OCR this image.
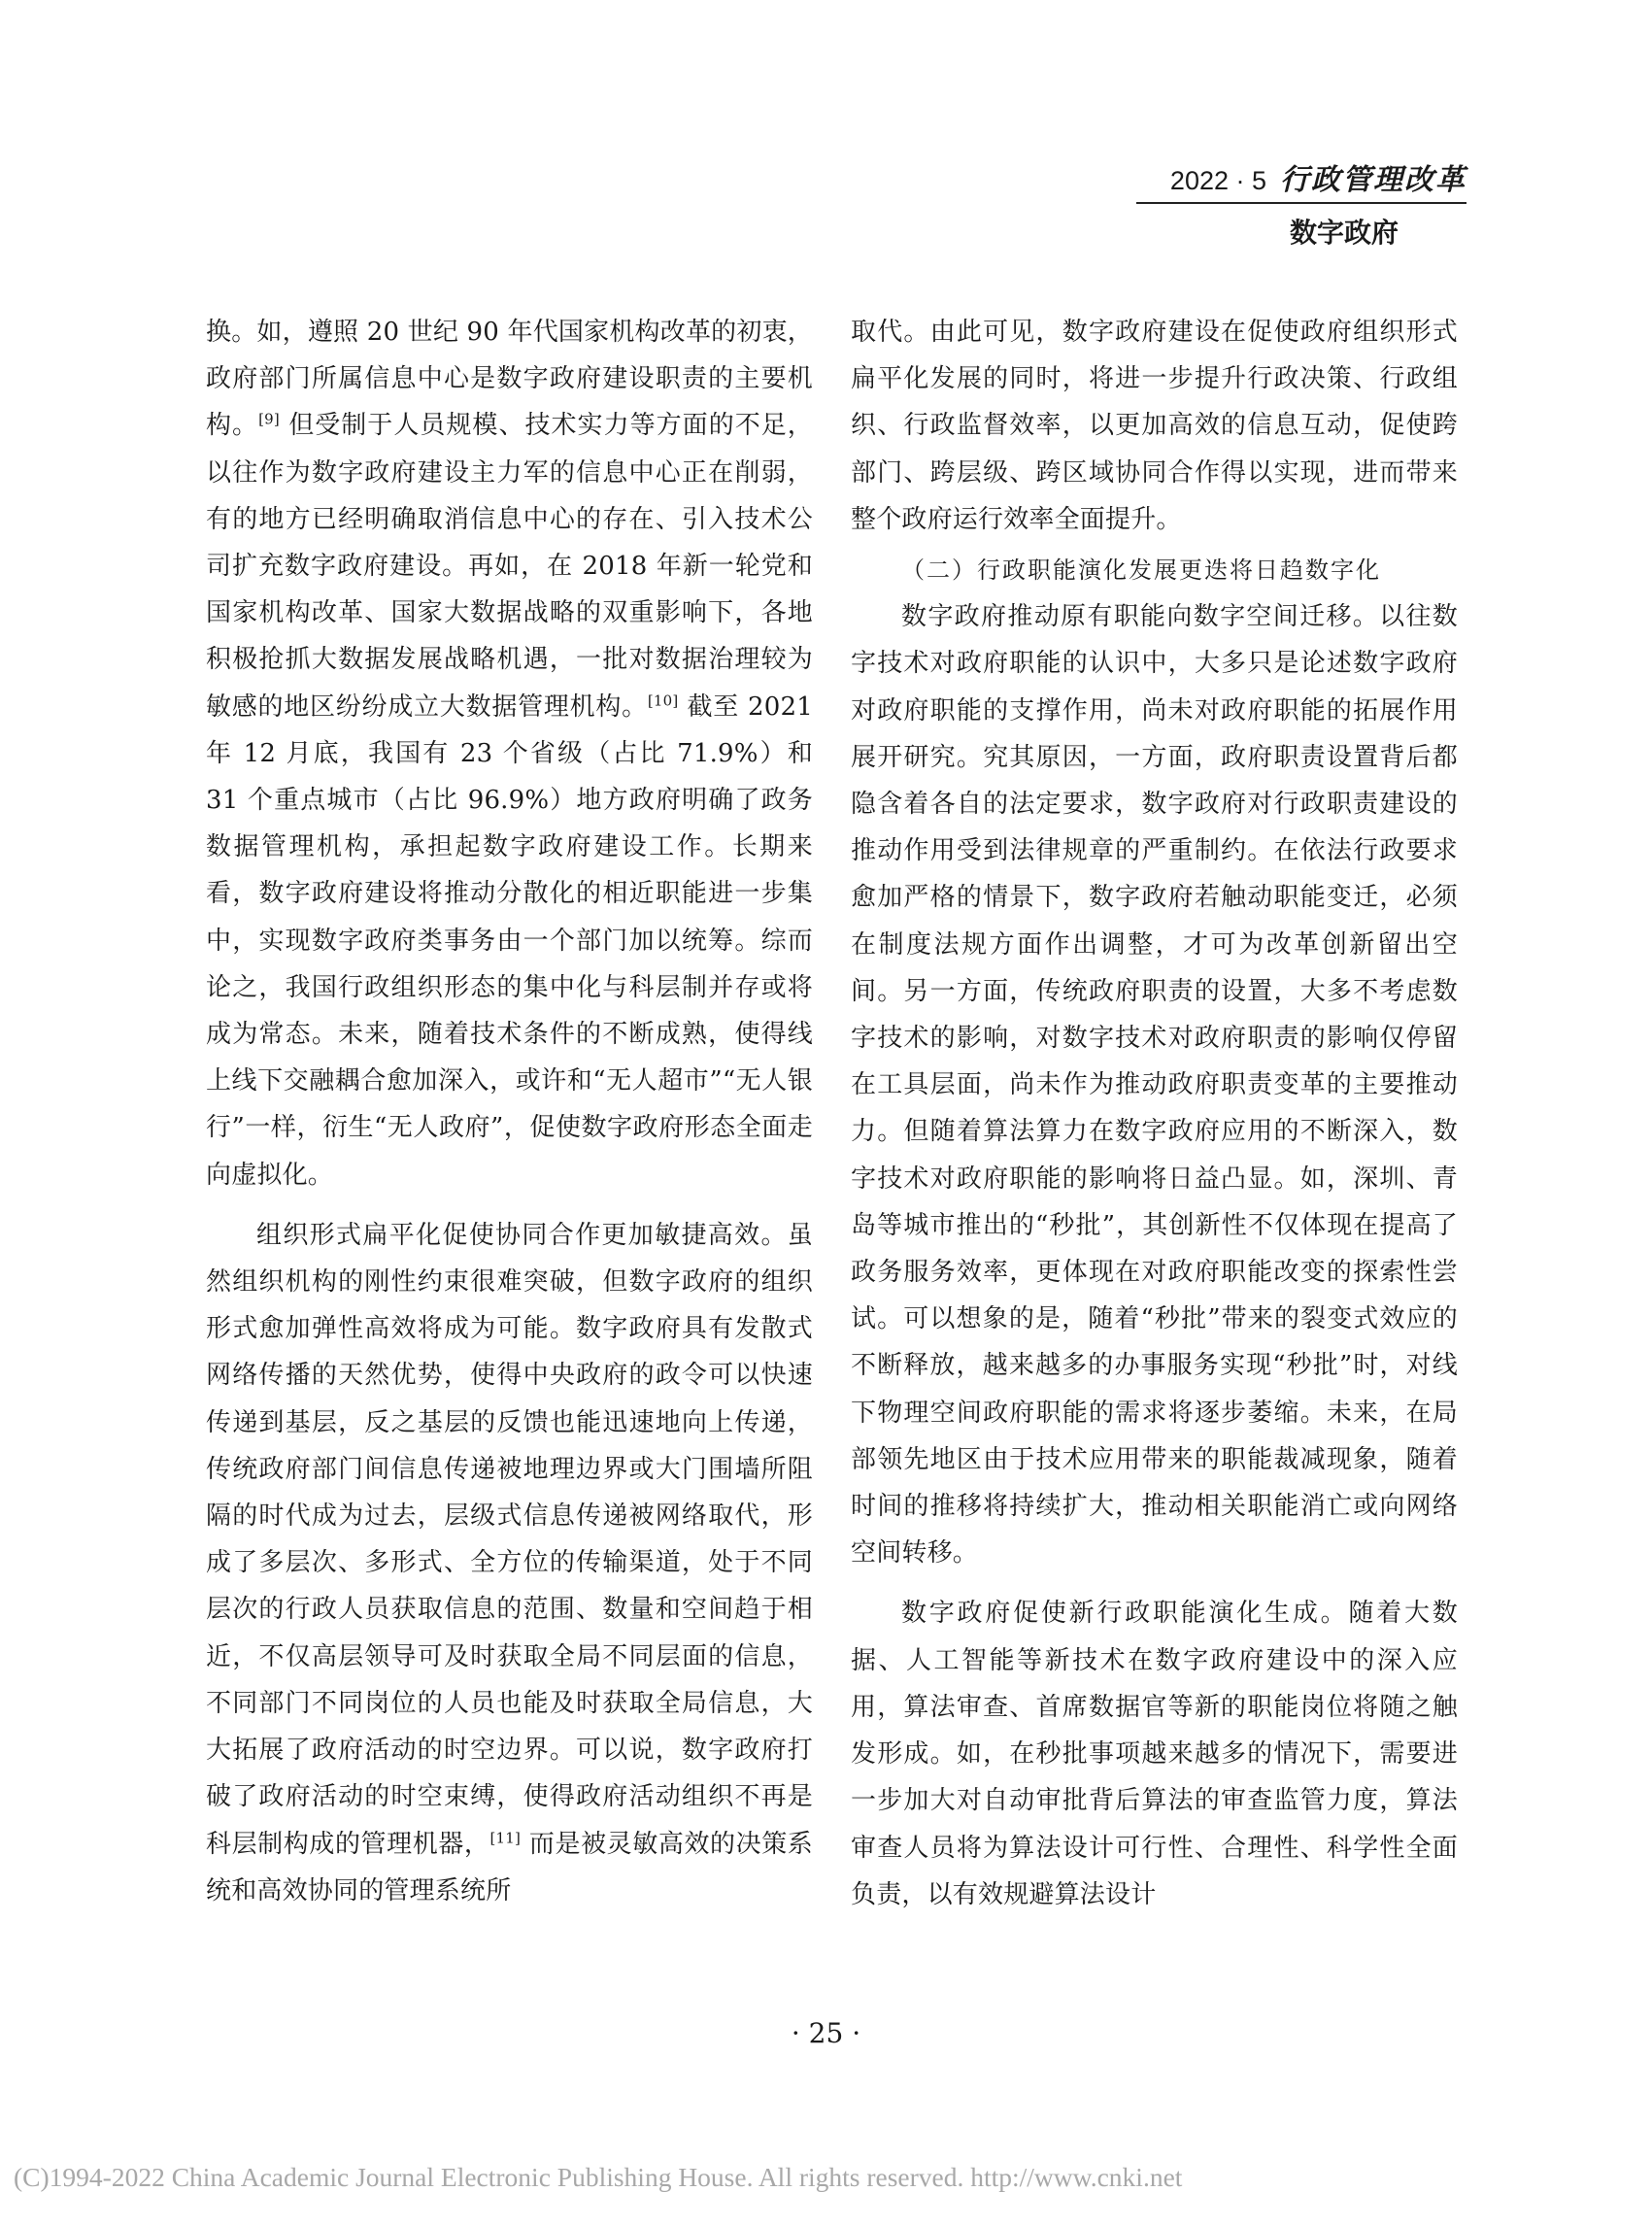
2022 · 5 行政管理改革
数字政府

换。如，遵照 20 世纪 90 年代国家机构改革的初衷，政府部门所属信息中心是数字政府建设职责的主要机构。[9] 但受制于人员规模、技术实力等方面的不足，以往作为数字政府建设主力军的信息中心正在削弱，有的地方已经明确取消信息中心的存在、引入技术公司扩充数字政府建设。再如，在 2018 年新一轮党和国家机构改革、国家大数据战略的双重影响下，各地积极抢抓大数据发展战略机遇，一批对数据治理较为敏感的地区纷纷成立大数据管理机构。[10] 截至 2021 年 12 月底，我国有 23 个省级（占比 71.9%）和 31 个重点城市（占比 96.9%）地方政府明确了政务数据管理机构，承担起数字政府建设工作。长期来看，数字政府建设将推动分散化的相近职能进一步集中，实现数字政府类事务由一个部门加以统筹。综而论之，我国行政组织形态的集中化与科层制并存或将成为常态。未来，随着技术条件的不断成熟，使得线上线下交融耦合愈加深入，或许和“无人超市”“无人银行”一样，衍生“无人政府”，促使数字政府形态全面走向虚拟化。

组织形式扁平化促使协同合作更加敏捷高效。虽然组织机构的刚性约束很难突破，但数字政府的组织形式愈加弹性高效将成为可能。数字政府具有发散式网络传播的天然优势，使得中央政府的政令可以快速传递到基层，反之基层的反馈也能迅速地向上传递，传统政府部门间信息传递被地理边界或大门围墙所阻隔的时代成为过去，层级式信息传递被网络取代，形成了多层次、多形式、全方位的传输渠道，处于不同层次的行政人员获取信息的范围、数量和空间趋于相近，不仅高层领导可及时获取全局不同层面的信息，不同部门不同岗位的人员也能及时获取全局信息，大大拓展了政府活动的时空边界。可以说，数字政府打破了政府活动的时空束缚，使得政府活动组织不再是科层制构成的管理机器，[11] 而是被灵敏高效的决策系统和高效协同的管理系统所

取代。由此可见，数字政府建设在促使政府组织形式扁平化发展的同时，将进一步提升行政决策、行政组织、行政监督效率，以更加高效的信息互动，促使跨部门、跨层级、跨区域协同合作得以实现，进而带来整个政府运行效率全面提升。

（二）行政职能演化发展更迭将日趋数字化

数字政府推动原有职能向数字空间迁移。以往数字技术对政府职能的认识中，大多只是论述数字政府对政府职能的支撑作用，尚未对政府职能的拓展作用展开研究。究其原因，一方面，政府职责设置背后都隐含着各自的法定要求，数字政府对行政职责建设的推动作用受到法律规章的严重制约。在依法行政要求愈加严格的情景下，数字政府若触动职能变迁，必须在制度法规方面作出调整，才可为改革创新留出空间。另一方面，传统政府职责的设置，大多不考虑数字技术的影响，对数字技术对政府职责的影响仅停留在工具层面，尚未作为推动政府职责变革的主要推动力。但随着算法算力在数字政府应用的不断深入，数字技术对政府职能的影响将日益凸显。如，深圳、青岛等城市推出的“秒批”，其创新性不仅体现在提高了政务服务效率，更体现在对政府职能改变的探索性尝试。可以想象的是，随着“秒批”带来的裂变式效应的不断释放，越来越多的办事服务实现“秒批”时，对线下物理空间政府职能的需求将逐步萎缩。未来，在局部领先地区由于技术应用带来的职能裁减现象，随着时间的推移将持续扩大，推动相关职能消亡或向网络空间转移。

数字政府促使新行政职能演化生成。随着大数据、人工智能等新技术在数字政府建设中的深入应用，算法审查、首席数据官等新的职能岗位将随之触发形成。如，在秒批事项越来越多的情况下，需要进一步加大对自动审批背后算法的审查监管力度，算法审查人员将为算法设计可行性、合理性、科学性全面负责，以有效规避算法设计

· 25 ·
(C)1994-2022 China Academic Journal Electronic Publishing House. All rights reserved. http://www.cnki.net
